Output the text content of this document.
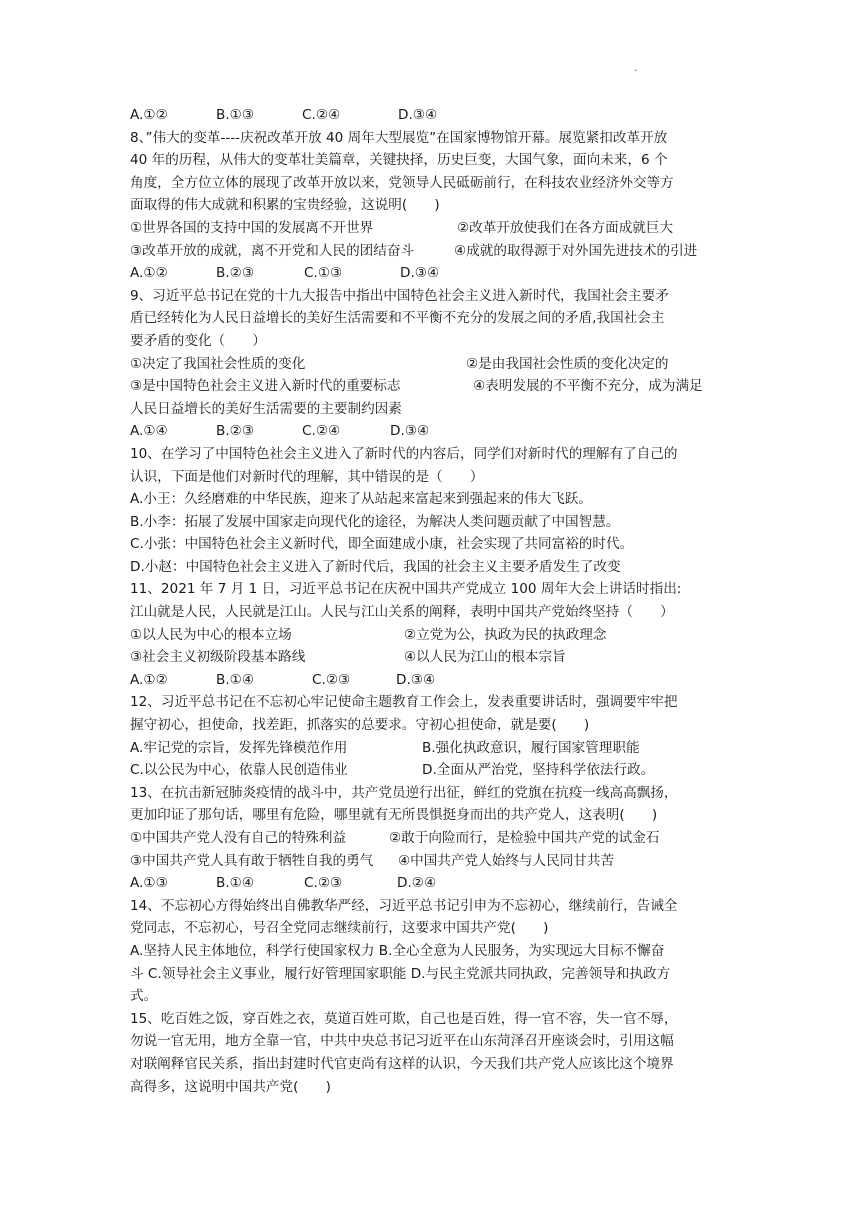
·
A.①②	B.①③	C.②④	D.③④
8、”伟大的变革----庆祝改革开放 40 周年大型展览”在国家博物馆开幕。展览紧扣改革开放
40 年的历程，从伟大的变革壮美篇章，关键抉择，历史巨变，大国气象，面向未来，6 个
角度，全方位立体的展现了改革开放以来，党领导人民砥砺前行，在科技农业经济外交等方
面取得的伟大成就和积累的宝贵经验，这说明(　　)
①世界各国的支持中国的发展离不开世界	②改革开放使我们在各方面成就巨大
③改革开放的成就，离不开党和人民的团结奋斗	④成就的取得源于对外国先进技术的引进
A.①②	B.②③	C.①③	D.③④
9、习近平总书记在党的十九大报告中指出中国特色社会主义进入新时代，我国社会主要矛
盾已经转化为人民日益增长的美好生活需要和不平衡不充分的发展之间的矛盾,我国社会主
要矛盾的变化（　　）
①决定了我国社会性质的变化	②是由我国社会性质的变化决定的
③是中国特色社会主义进入新时代的重要标志	④表明发展的不平衡不充分，成为满足
人民日益增长的美好生活需要的主要制约因素
A.①④	B.②③	C.②④	D.③④
10、在学习了中国特色社会主义进入了新时代的内容后，同学们对新时代的理解有了自己的
认识，下面是他们对新时代的理解，其中错误的是（　　）
A.小王：久经磨难的中华民族，迎来了从站起来富起来到强起来的伟大飞跃。
B.小李：拓展了发展中国家走向现代化的途径，为解决人类问题贡献了中国智慧。
C.小张：中国特色社会主义新时代，即全面建成小康，社会实现了共同富裕的时代。
D.小赵：中国特色社会主义进入了新时代后，我国的社会主义主要矛盾发生了改变
11、2021 年 7 月 1 日，习近平总书记在庆祝中国共产党成立 100 周年大会上讲话时指出:
江山就是人民，人民就是江山。人民与江山关系的阐释，表明中国共产党始终坚持（　　）
①以人民为中心的根本立场	②立党为公，执政为民的执政理念
③社会主义初级阶段基本路线	④以人民为江山的根本宗旨
A.①②	B.①④	C.②③	D.③④
12、习近平总书记在不忘初心牢记使命主题教育工作会上，发表重要讲话时，强调要牢牢把
握守初心，担使命，找差距，抓落实的总要求。守初心担使命，就是要(　　)
A.牢记党的宗旨，发挥先锋模范作用	B.强化执政意识，履行国家管理职能
C.以公民为中心，依靠人民创造伟业	D.全面从严治党，坚持科学依法行政。
13、在抗击新冠肺炎疫情的战斗中，共产党员逆行出征，鲜红的党旗在抗疫一线高高飘扬，
更加印证了那句话，哪里有危险，哪里就有无所畏惧挺身而出的共产党人，这表明(　　)
①中国共产党人没有自己的特殊利益	②敢于向险而行，是检验中国共产党的试金石
③中国共产党人具有敢于牺牲自我的勇气	④中国共产党人始终与人民同甘共苦
A.①③	B.①④	C.②③	D.②④
14、不忘初心方得始终出自佛教华严经，习近平总书记引申为不忘初心，继续前行，告诫全
党同志，不忘初心，号召全党同志继续前行，这要求中国共产党(　　)
A.坚持人民主体地位，科学行使国家权力 B.全心全意为人民服务，为实现远大目标不懈奋
斗 C.领导社会主义事业，履行好管理国家职能 D.与民主党派共同执政，完善领导和执政方
式。
15、吃百姓之饭，穿百姓之衣，莫道百姓可欺，自己也是百姓，得一官不容，失一官不辱，
勿说一官无用，地方全靠一官，中共中央总书记习近平在山东菏泽召开座谈会时，引用这幅
对联阐释官民关系，指出封建时代官吏尚有这样的认识，今天我们共产党人应该比这个境界
高得多，这说明中国共产党(　　)
